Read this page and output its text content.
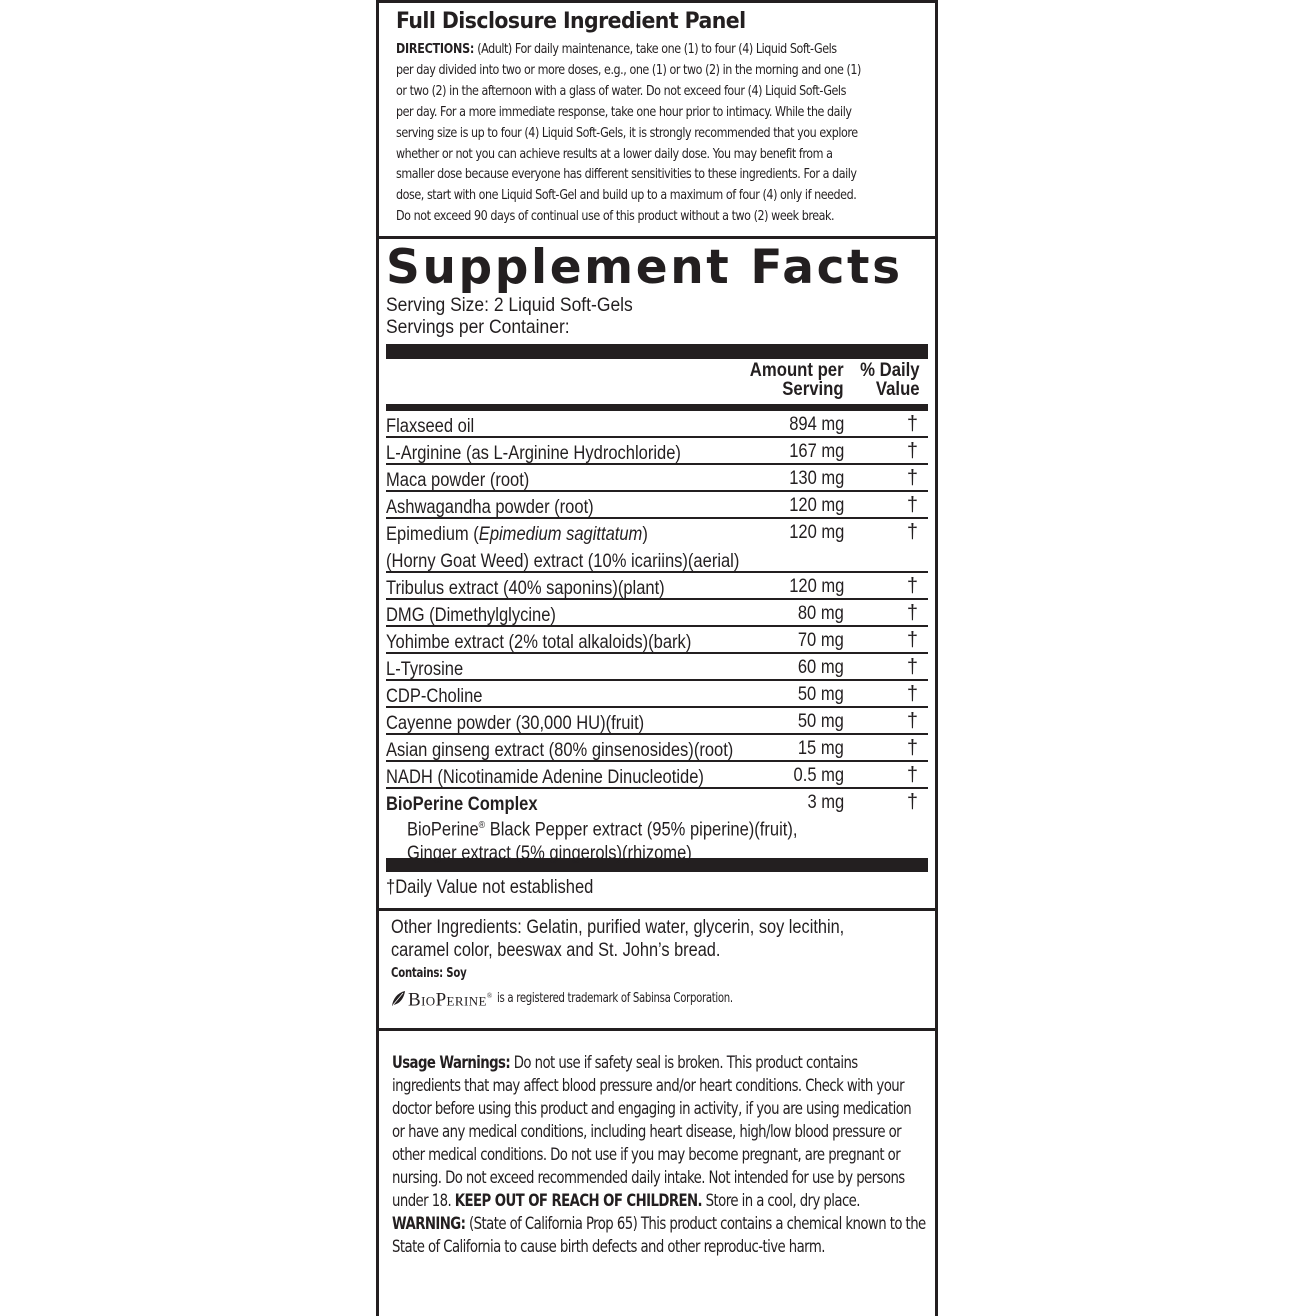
Full Disclosure Ingredient Panel
DIRECTIONS: (Adult) For daily maintenance, take one (1) to four (4) Liquid Soft-Gels
per day divided into two or more doses, e.g., one (1) or two (2) in the morning and one (1)
or two (2) in the afternoon with a glass of water. Do not exceed four (4) Liquid Soft-Gels
per day. For a more immediate response, take one hour prior to intimacy. While the daily
serving size is up to four (4) Liquid Soft-Gels, it is strongly recommended that you explore
whether or not you can achieve results at a lower daily dose. You may benefit from a
smaller dose because everyone has different sensitivities to these ingredients. For a daily
dose, start with one Liquid Soft-Gel and build up to a maximum of four (4) only if needed.
Do not exceed 90 days of continual use of this product without a two (2) week break.
Supplement Facts
Serving Size: 2 Liquid Soft-Gels
Servings per Container:
Amount per
Serving
% Daily
Value
Flaxseed oil	894 mg	†
L-Arginine (as L-Arginine Hydrochloride)	167 mg	†
Maca powder (root)	130 mg	†
Ashwagandha powder (root)	120 mg	†
Epimedium (Epimedium sagittatum)
(Horny Goat Weed) extract (10% icariins)(aerial)
120 mg	†
Tribulus extract (40% saponins)(plant)	120 mg	†
DMG (Dimethylglycine)	80 mg	†
Yohimbe extract (2% total alkaloids)(bark)	70 mg	†
L-Tyrosine	60 mg	†
CDP-Choline	50 mg	†
Cayenne powder (30,000 HU)(fruit)	50 mg	†
Asian ginseng extract (80% ginsenosides)(root)	15 mg	†
NADH (Nicotinamide Adenine Dinucleotide)	0.5 mg	†
BioPerine Complex	3 mg	†
BioPerine® Black Pepper extract (95% piperine)(fruit),
Ginger extract (5% gingerols)(rhizome)
†Daily Value not established
Other Ingredients: Gelatin, purified water, glycerin, soy lecithin,
caramel color, beeswax and St. John’s bread.
Contains: Soy
BioPerine® is a registered trademark of Sabinsa Corporation.
Usage Warnings: Do not use if safety seal is broken. This product contains ingredients that may affect blood pressure and/or heart conditions. Check with your doctor before using this product and engaging in activity, if you are using medication or have any medical conditions, including heart disease, high/low blood pressure or other medical conditions. Do not use if you may become pregnant, are pregnant or nursing. Do not exceed recommended daily intake. Not intended for use by persons under 18. KEEP OUT OF REACH OF CHILDREN. Store in a cool, dry place.
WARNING: (State of California Prop 65) This product contains a chemical known to the State of California to cause birth defects and other reproduc-tive harm.
